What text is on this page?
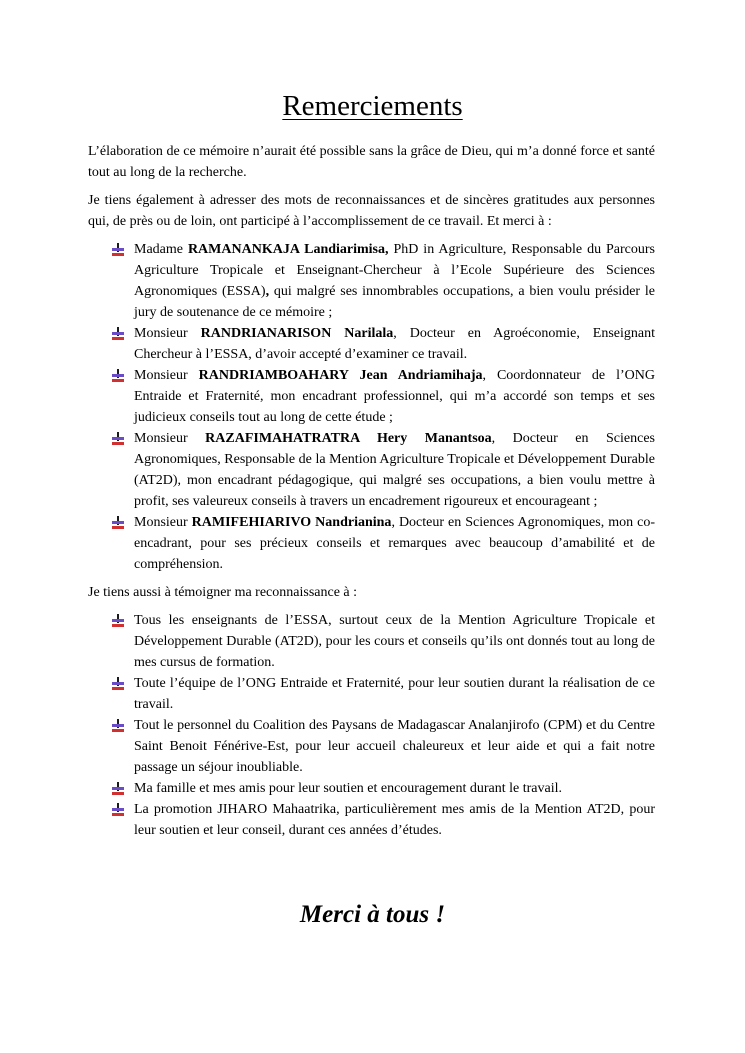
Remerciements

L’élaboration de ce mémoire n’aurait été possible sans la grâce de Dieu, qui m’a donné force et santé tout au long de la recherche.

Je tiens également à adresser des mots de reconnaissances et de sincères gratitudes aux personnes qui, de près ou de loin, ont participé à l’accomplissement de ce travail. Et merci à :

Madame RAMANANKAJA Landiarimisa, PhD in Agriculture, Responsable du Parcours Agriculture Tropicale et Enseignant-Chercheur à l’Ecole Supérieure des Sciences Agronomiques (ESSA), qui malgré ses innombrables occupations, a bien voulu présider le jury de soutenance de ce mémoire ;
Monsieur RANDRIANARISON Narilala, Docteur en Agroéconomie, Enseignant Chercheur à l’ESSA, d’avoir accepté d’examiner ce travail.
Monsieur RANDRIAMBOAHARY Jean Andriamihaja, Coordonnateur de l’ONG Entraide et Fraternité, mon encadrant professionnel, qui m’a accordé son temps et ses judicieux conseils tout au long de cette étude ;
Monsieur RAZAFIMAHATRATRA Hery Manantsoa, Docteur en Sciences Agronomiques, Responsable de la Mention Agriculture Tropicale et Développement Durable (AT2D), mon encadrant pédagogique, qui malgré ses occupations, a bien voulu mettre à profit, ses valeureux conseils à travers un encadrement rigoureux et encourageant ;
Monsieur RAMIFEHIARIVO Nandrianina, Docteur en Sciences Agronomiques, mon co-encadrant, pour ses précieux conseils et remarques avec beaucoup d’amabilité et de compréhension.

Je tiens aussi à témoigner ma reconnaissance à :

Tous les enseignants de l’ESSA, surtout ceux de la Mention Agriculture Tropicale et Développement Durable (AT2D), pour les cours et conseils qu’ils ont donnés tout au long de mes cursus de formation.
Toute l’équipe de l’ONG Entraide et Fraternité, pour leur soutien durant la réalisation de ce travail.
Tout le personnel du Coalition des Paysans de Madagascar Analanjirofo (CPM) et du Centre Saint Benoit Fénérive-Est, pour leur accueil chaleureux et leur aide et qui a fait notre passage un séjour inoubliable.
Ma famille et mes amis pour leur soutien et encouragement durant le travail.
La promotion JIHARO Mahaatrika, particulièrement mes amis de la Mention AT2D, pour leur soutien et leur conseil, durant ces années d’études.
Merci à tous !
